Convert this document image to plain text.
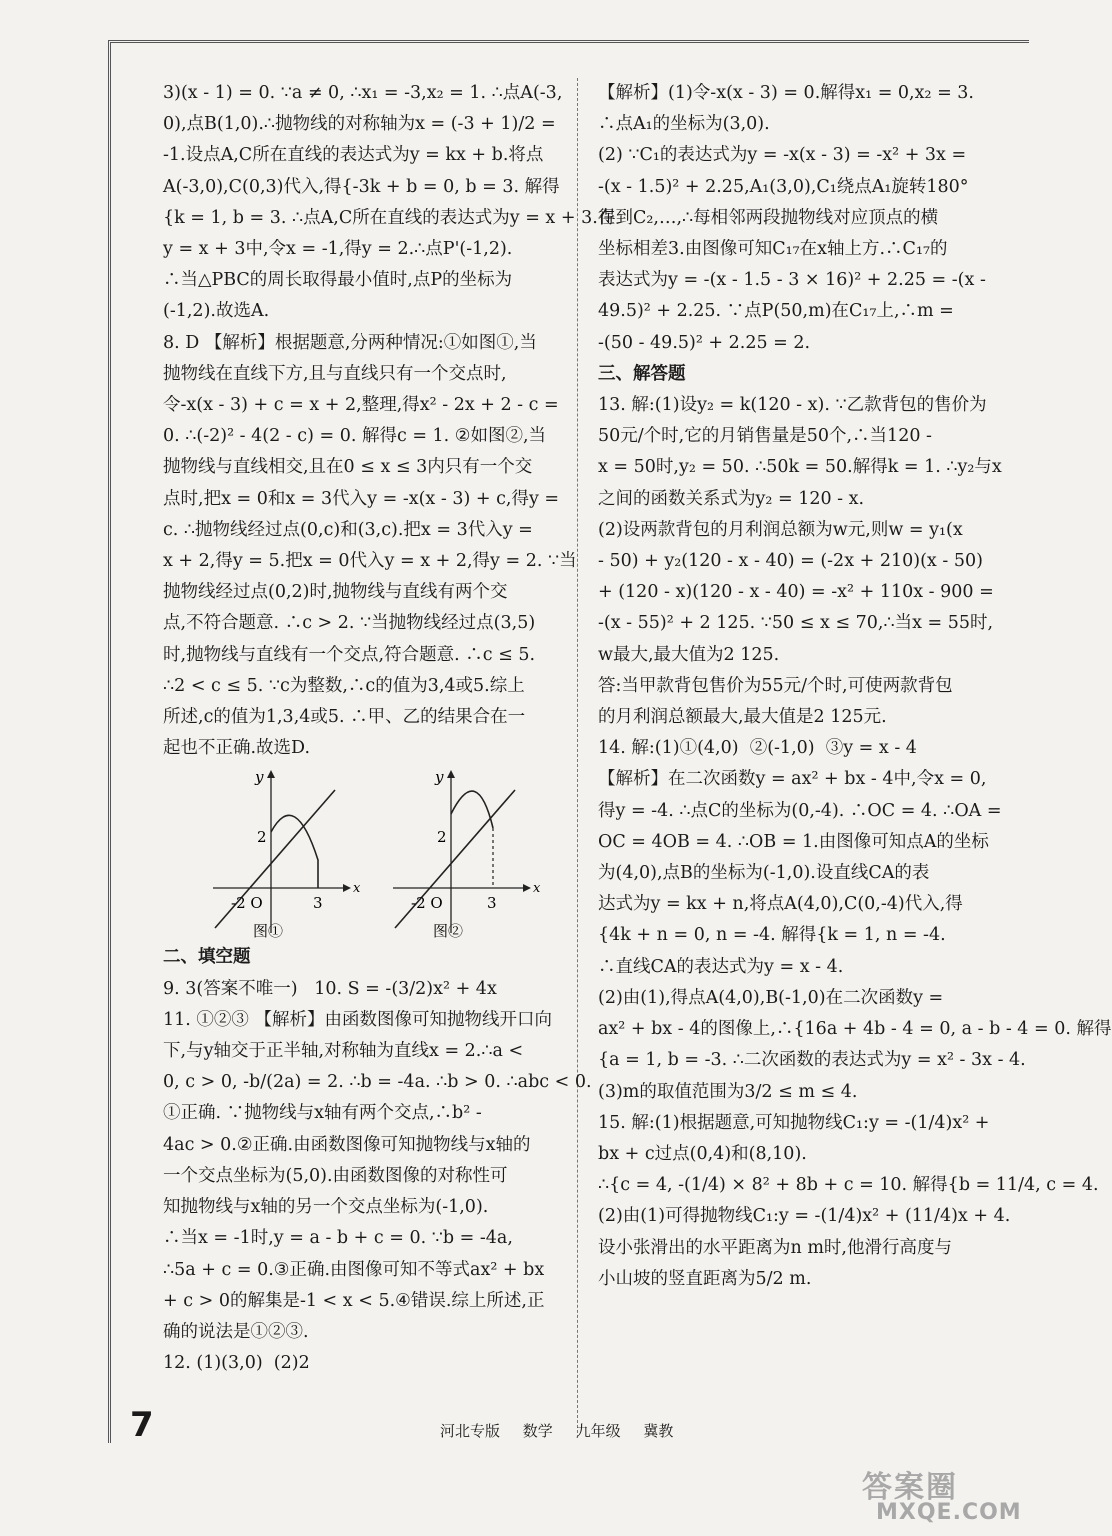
3)(x - 1) = 0. ∵a ≠ 0, ∴x₁ = -3,x₂ = 1. ∴点A(-3,

0),点B(1,0).∴抛物线的对称轴为x = (-3 + 1)/2 =

-1.设点A,C所在直线的表达式为y = kx + b.将点

A(-3,0),C(0,3)代入,得{-3k + b = 0, b = 3. 解得

{k = 1, b = 3. ∴点A,C所在直线的表达式为y = x + 3.在

y = x + 3中,令x = -1,得y = 2.∴点P'(-1,2).

∴当△PBC的周长取得最小值时,点P的坐标为

(-1,2).故选A.

8. D 【解析】根据题意,分两种情况:①如图①,当

抛物线在直线下方,且与直线只有一个交点时,

令-x(x - 3) + c = x + 2,整理,得x² - 2x + 2 - c =

0. ∴(-2)² - 4(2 - c) = 0. 解得c = 1. ②如图②,当

抛物线与直线相交,且在0 ≤ x ≤ 3内只有一个交

点时,把x = 0和x = 3代入y = -x(x - 3) + c,得y =

c. ∴抛物线经过点(0,c)和(3,c).把x = 3代入y =

x + 2,得y = 5.把x = 0代入y = x + 2,得y = 2. ∵当

抛物线经过点(0,2)时,抛物线与直线有两个交

点,不符合题意. ∴c > 2. ∵当抛物线经过点(3,5)

时,抛物线与直线有一个交点,符合题意. ∴c ≤ 5.

∴2 < c ≤ 5. ∵c为整数,∴c的值为3,4或5.综上

所述,c的值为1,3,4或5. ∴甲、乙的结果合在一

起也不正确.故选D.

y
x
2
-2 O	3
图①
y
x
2
-2 O	3
图②

二、填空题

9. 3(答案不唯一)   10. S = -(3/2)x² + 4x

11. ①②③ 【解析】由函数图像可知抛物线开口向

下,与y轴交于正半轴,对称轴为直线x = 2.∴a <

0, c > 0, -b/(2a) = 2. ∴b = -4a. ∴b > 0. ∴abc < 0.

①正确. ∵抛物线与x轴有两个交点,∴b² -

4ac > 0.②正确.由函数图像可知抛物线与x轴的

一个交点坐标为(5,0).由函数图像的对称性可

知抛物线与x轴的另一个交点坐标为(-1,0).

∴当x = -1时,y = a - b + c = 0. ∵b = -4a,

∴5a + c = 0.③正确.由图像可知不等式ax² + bx

+ c > 0的解集是-1 < x < 5.④错误.综上所述,正

确的说法是①②③.

12. (1)(3,0)  (2)2

【解析】(1)令-x(x - 3) = 0.解得x₁ = 0,x₂ = 3.

∴点A₁的坐标为(3,0).

(2) ∵C₁的表达式为y = -x(x - 3) = -x² + 3x =

-(x - 1.5)² + 2.25,A₁(3,0),C₁绕点A₁旋转180°

得到C₂,…,∴每相邻两段抛物线对应顶点的横

坐标相差3.由图像可知C₁₇在x轴上方.∴C₁₇的

表达式为y = -(x - 1.5 - 3 × 16)² + 2.25 = -(x -

49.5)² + 2.25. ∵点P(50,m)在C₁₇上,∴m =

-(50 - 49.5)² + 2.25 = 2.

三、解答题

13. 解:(1)设y₂ = k(120 - x). ∵乙款背包的售价为

50元/个时,它的月销售量是50个,∴当120 -

x = 50时,y₂ = 50. ∴50k = 50.解得k = 1. ∴y₂与x

之间的函数关系式为y₂ = 120 - x.

(2)设两款背包的月利润总额为w元,则w = y₁(x

- 50) + y₂(120 - x - 40) = (-2x + 210)(x - 50)

+ (120 - x)(120 - x - 40) = -x² + 110x - 900 =

-(x - 55)² + 2 125. ∵50 ≤ x ≤ 70,∴当x = 55时,

w最大,最大值为2 125.

答:当甲款背包售价为55元/个时,可使两款背包

的月利润总额最大,最大值是2 125元.

14. 解:(1)①(4,0)  ②(-1,0)  ③y = x - 4

【解析】在二次函数y = ax² + bx - 4中,令x = 0,

得y = -4. ∴点C的坐标为(0,-4). ∴OC = 4. ∴OA =

OC = 4OB = 4. ∴OB = 1.由图像可知点A的坐标

为(4,0),点B的坐标为(-1,0).设直线CA的表

达式为y = kx + n,将点A(4,0),C(0,-4)代入,得

{4k + n = 0, n = -4. 解得{k = 1, n = -4.

∴直线CA的表达式为y = x - 4.

(2)由(1),得点A(4,0),B(-1,0)在二次函数y =

ax² + bx - 4的图像上,∴{16a + 4b - 4 = 0, a - b - 4 = 0. 解得

{a = 1, b = -3. ∴二次函数的表达式为y = x² - 3x - 4.

(3)m的取值范围为3/2 ≤ m ≤ 4.

15. 解:(1)根据题意,可知抛物线C₁:y = -(1/4)x² +

bx + c过点(0,4)和(8,10).

∴{c = 4, -(1/4) × 8² + 8b + c = 10. 解得{b = 11/4, c = 4.

(2)由(1)可得抛物线C₁:y = -(1/4)x² + (11/4)x + 4.

设小张滑出的水平距离为n m时,他滑行高度与

小山坡的竖直距离为5/2 m.

7	河北专版 数学 九年级 冀教
答案圈
MXQE.COM
